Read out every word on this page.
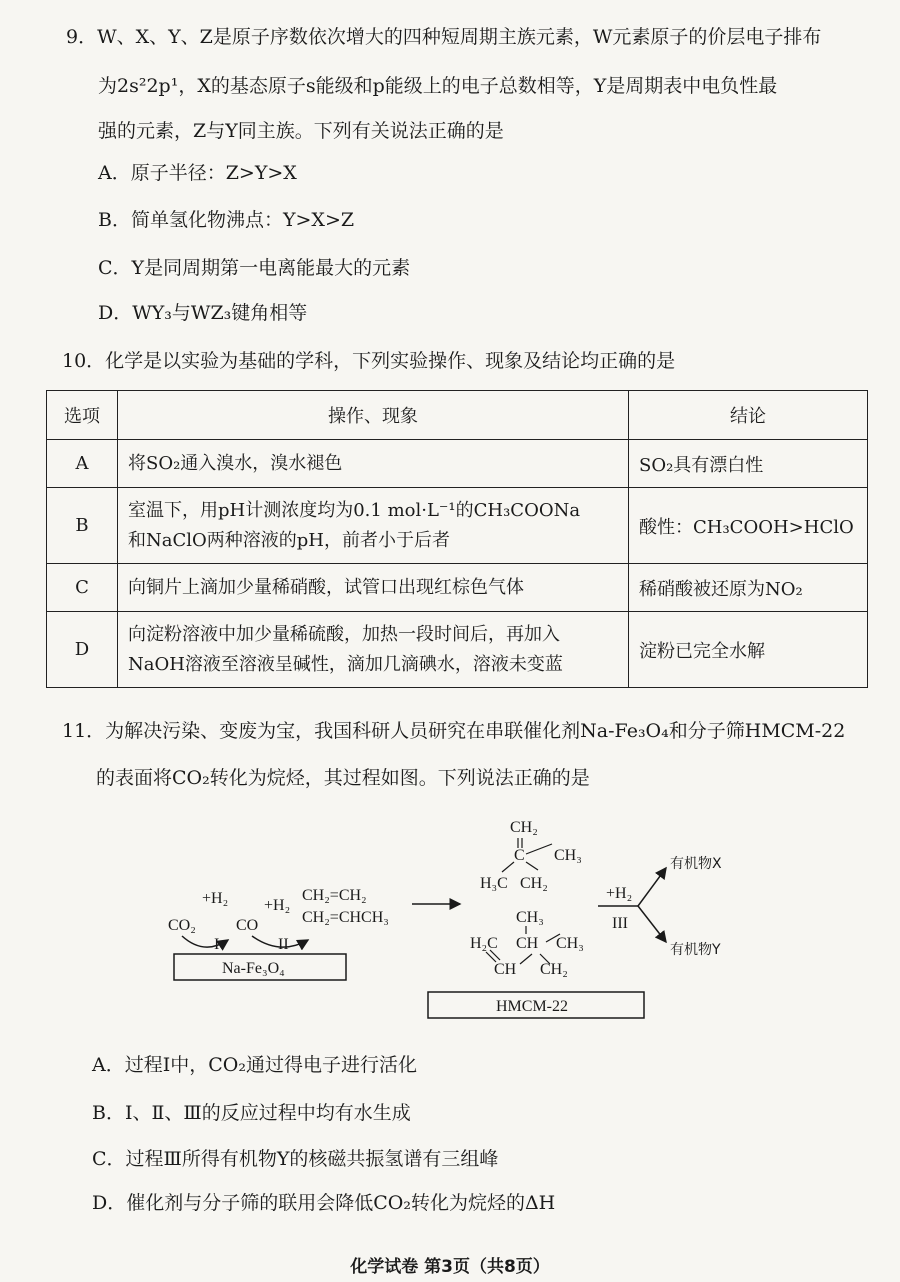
9．W、X、Y、Z是原子序数依次增大的四种短周期主族元素，W元素原子的价层电子排布
为2s²2p¹，X的基态原子s能级和p能级上的电子总数相等，Y是周期表中电负性最
强的元素，Z与Y同主族。下列有关说法正确的是
A．原子半径：Z>Y>X
B．简单氢化物沸点：Y>X>Z
C．Y是同周期第一电离能最大的元素
D．WY₃与WZ₃键角相等
10．化学是以实验为基础的学科，下列实验操作、现象及结论均正确的是
选项	操作、现象	结论
A	将SO₂通入溴水，溴水褪色	SO₂具有漂白性
B	室温下，用pH计测浓度均为0.1 mol·L⁻¹的CH₃COONa
和NaClO两种溶液的pH，前者小于后者	酸性：CH₃COOH>HClO
C	向铜片上滴加少量稀硝酸，试管口出现红棕色气体	稀硝酸被还原为NO₂
D	向淀粉溶液中加少量稀硫酸，加热一段时间后，再加入
NaOH溶液至溶液呈碱性，滴加几滴碘水，溶液未变蓝	淀粉已完全水解
11．为解决污染、变废为宝，我国科研人员研究在串联催化剂Na-Fe₃O₄和分子筛HMCM-22
的表面将CO₂转化为烷烃，其过程如图。下列说法正确的是
+H₂
CO₂	CO
+H₂
CH₂=CH₂
CH₂=CHCH₃
I	II
Na-Fe₃O₄
CH₂
C CH₃
H₃C CH₂
CH₃
H₂C CH CH₃
CH CH₂
HMCM-22
+H₂
III
有机物X
有机物Y
A．过程Ⅰ中，CO₂通过得电子进行活化
B．Ⅰ、Ⅱ、Ⅲ的反应过程中均有水生成
C．过程Ⅲ所得有机物Y的核磁共振氢谱有三组峰
D．催化剂与分子筛的联用会降低CO₂转化为烷烃的ΔH
化学试卷 第3页（共8页）
